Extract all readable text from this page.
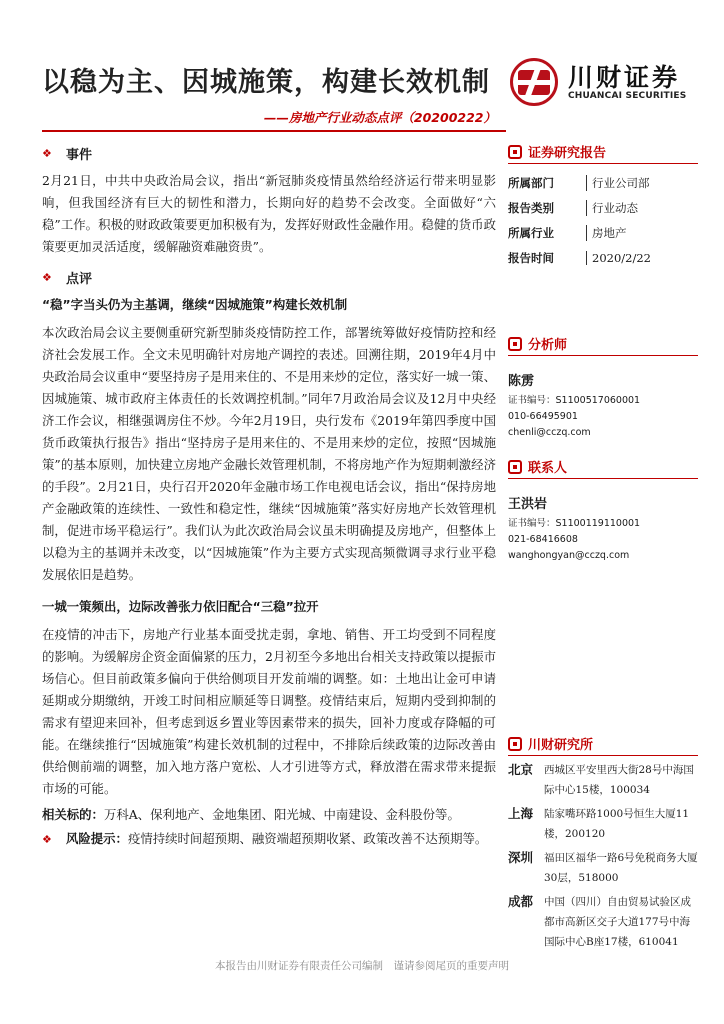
以稳为主、因城施策，构建长效机制
——房地产行业动态点评（20200222）
川财证券
CHUANCAI SECURITIES
❖	事件
2月21日，中共中央政治局会议，指出“新冠肺炎疫情虽然给经济运行带来明显影响，但我国经济有巨大的韧性和潜力，长期向好的趋势不会改变。全面做好“六稳”工作。积极的财政政策要更加积极有为，发挥好财政性金融作用。稳健的货币政策要更加灵活适度，缓解融资难融资贵”。
❖	点评
“稳”字当头仍为主基调，继续“因城施策”构建长效机制
本次政治局会议主要侧重研究新型肺炎疫情防控工作，部署统筹做好疫情防控和经济社会发展工作。全文未见明确针对房地产调控的表述。回溯往期，2019年4月中央政治局会议重申“要坚持房子是用来住的、不是用来炒的定位，落实好一城一策、因城施策、城市政府主体责任的长效调控机制。”同年7月政治局会议及12月中央经济工作会议，相继强调房住不炒。今年2月19日，央行发布《2019年第四季度中国货币政策执行报告》指出“坚持房子是用来住的、不是用来炒的定位，按照“因城施策”的基本原则，加快建立房地产金融长效管理机制，不将房地产作为短期刺激经济的手段”。2月21日，央行召开2020年金融市场工作电视电话会议，指出“保持房地产金融政策的连续性、一致性和稳定性，继续“因城施策”落实好房地产长效管理机制，促进市场平稳运行”。我们认为此次政治局会议虽未明确提及房地产，但整体上以稳为主的基调并未改变，以“因城施策”作为主要方式实现高频微调寻求行业平稳发展依旧是趋势。
一城一策频出，边际改善张力依旧配合“三稳”拉开
在疫情的冲击下，房地产行业基本面受扰走弱，拿地、销售、开工均受到不同程度的影响。为缓解房企资金面偏紧的压力，2月初至今多地出台相关支持政策以提振市场信心。但目前政策多偏向于供给侧项目开发前端的调整。如：土地出让金可申请延期或分期缴纳，开竣工时间相应顺延等日调整。疫情结束后，短期内受到抑制的需求有望迎来回补，但考虑到返乡置业等因素带来的损失，回补力度或存降幅的可能。在继续推行“因城施策”构建长效机制的过程中，不排除后续政策的边际改善由供给侧前端的调整，加入地方落户宽松、人才引进等方式，释放潜在需求带来提振市场的可能。
相关标的：万科A、保利地产、金地集团、阳光城、中南建设、金科股份等。
❖ 风险提示：疫情持续时间超预期、融资端超预期收紧、政策改善不达预期等。
证券研究报告
所属部门	行业公司部
报告类别	行业动态
所属行业	房地产
报告时间	2020/2/22
分析师
陈雳
证书编号：S1100517060001
010-66495901
chenli@cczq.com
联系人
王洪岩
证书编号：S1100119110001
021-68416608
wanghongyan@cczq.com
川财研究所
北京	西城区平安里西大街28号中海国际中心15楼，100034
上海	陆家嘴环路1000号恒生大厦11楼，200120
深圳	福田区福华一路6号免税商务大厦30层，518000
成都	中国（四川）自由贸易试验区成都市高新区交子大道177号中海国际中心B座17楼，610041
本报告由川财证券有限责任公司编制　谨请参阅尾页的重要声明
